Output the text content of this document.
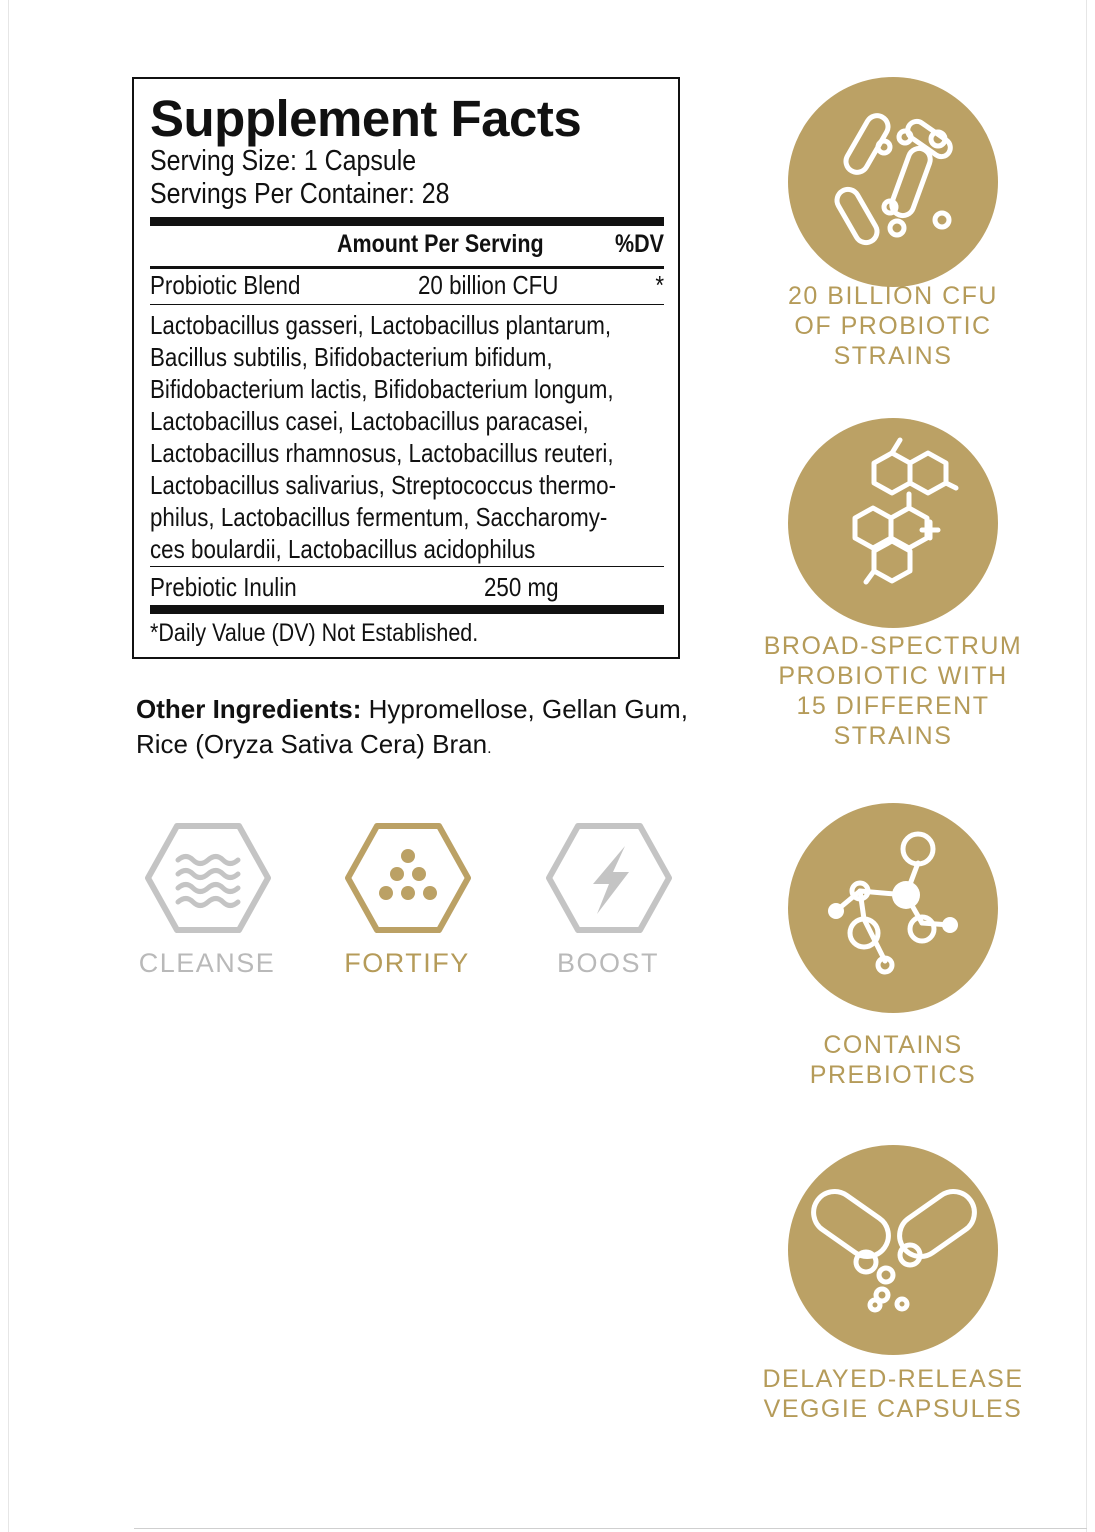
Supplement Facts
Serving Size: 1 Capsule
Servings Per Container: 28
Amount Per Serving	%DV
Probiotic Blend	20 billion CFU	*
Lactobacillus gasseri, Lactobacillus plantarum,
Bacillus subtilis, Bifidobacterium bifidum,
Bifidobacterium lactis, Bifidobacterium longum,
Lactobacillus casei, Lactobacillus paracasei,
Lactobacillus rhamnosus, Lactobacillus reuteri,
Lactobacillus salivarius, Streptococcus thermo-
philus, Lactobacillus fermentum, Saccharomy-
ces boulardii, Lactobacillus acidophilus
Prebiotic Inulin	250 mg
*Daily Value (DV) Not Established.
Other Ingredients: Hypromellose, Gellan Gum, Rice (Oryza Sativa Cera) Bran.
CLEANSE	FORTIFY	BOOST
20 BILLION CFU
OF PROBIOTIC
STRAINS
BROAD-SPECTRUM
PROBIOTIC WITH
15 DIFFERENT
STRAINS
CONTAINS
PREBIOTICS
DELAYED-RELEASE
VEGGIE CAPSULES
